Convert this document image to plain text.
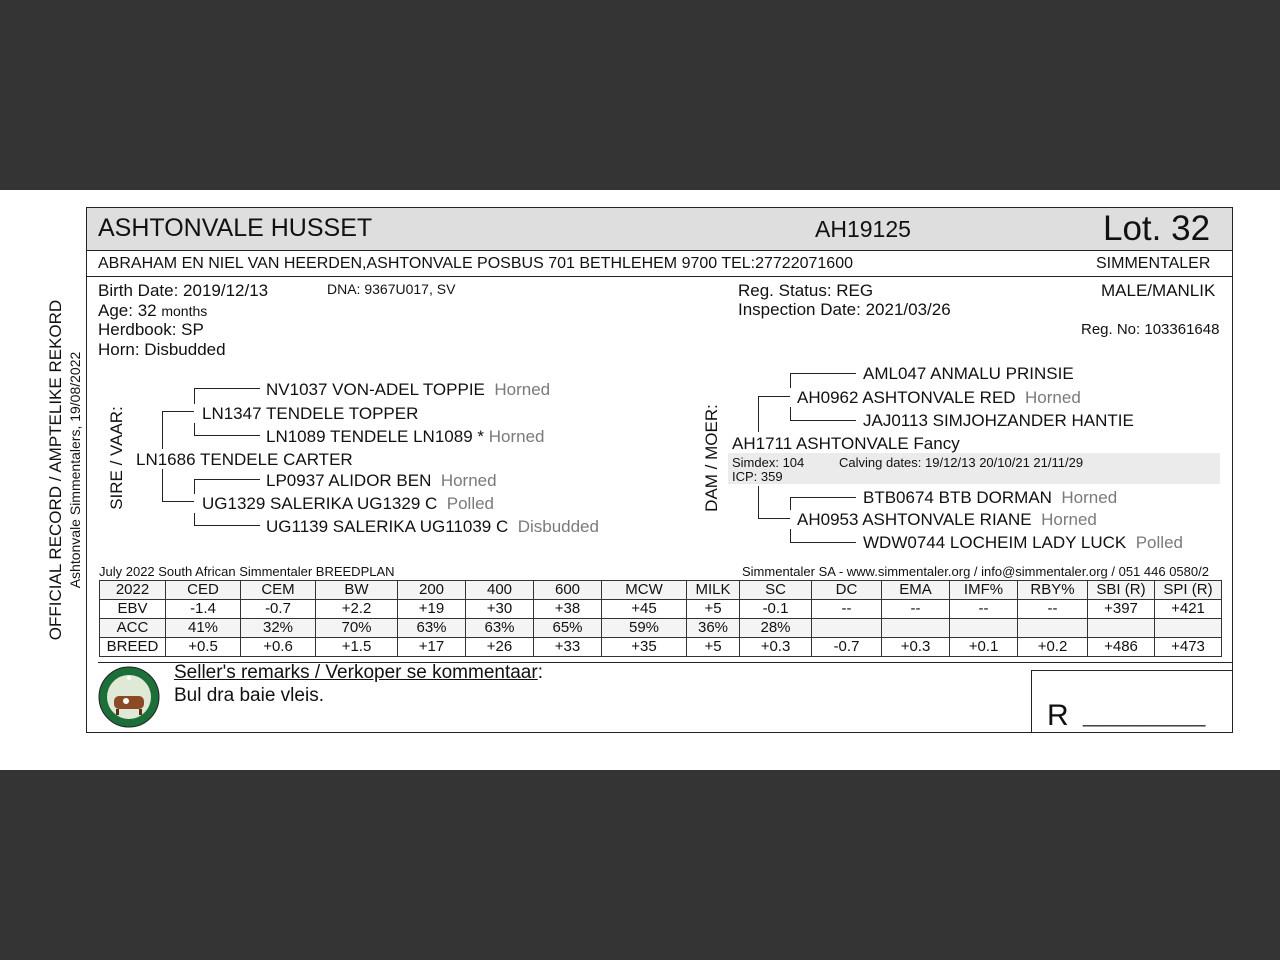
OFFICIAL RECORD / AMPTELIKE REKORD Ashtonvale Simmentalers, 19/08/2022
ASHTONVALE HUSSET	AH19125	Lot. 32
ABRAHAM EN NIEL VAN HEERDEN,ASHTONVALE POSBUS 701 BETHLEHEM 9700 TEL:27722071600	SIMMENTALER
Birth Date: 2019/12/13	DNA: 9367U017, SV
Age: 32 months
Herdbook: SP
Horn: Disbudded
Reg. Status: REG
Inspection Date: 2021/03/26
MALE/MANLIK
Reg. No: 103361648
SIRE / VAAR: LN1686 TENDELE CARTER
LN1347 TENDELE TOPPER
NV1037 VON-ADEL TOPPIE Horned
LN1089 TENDELE LN1089 * Horned
UG1329 SALERIKA UG1329 C Polled
LP0937 ALIDOR BEN Horned
UG1139 SALERIKA UG11039 C Disbudded
DAM / MOER: AH1711 ASHTONVALE Fancy
Simdex: 104	Calving dates: 19/12/13 20/10/21 21/11/29
ICP: 359
AH0962 ASHTONVALE RED Horned
AML047 ANMALU PRINSIE
JAJ0113 SIMJOHZANDER HANTIE
AH0953 ASHTONVALE RIANE Horned
BTB0674 BTB DORMAN Horned
WDW0744 LOCHEIM LADY LUCK Polled
July 2022 South African Simmentaler BREEDPLAN	Simmentaler SA - www.simmentaler.org / info@simmentaler.org / 051 446 0580/2
2022	CED	CEM	BW	200	400	600	MCW	MILK	SC	DC	EMA	IMF%	RBY%	SBI (R)	SPI (R)
EBV	-1.4	-0.7	+2.2	+19	+30	+38	+45	+5	-0.1	--	--	--	--	+397	+421
ACC	41%	32%	70%	63%	63%	65%	59%	36%	28%						
BREED	+0.5	+0.6	+1.5	+17	+26	+33	+35	+5	+0.3	-0.7	+0.3	+0.1	+0.2	+486	+473
Seller's remarks / Verkoper se kommentaar:
Bul dra baie vleis.
R __________
